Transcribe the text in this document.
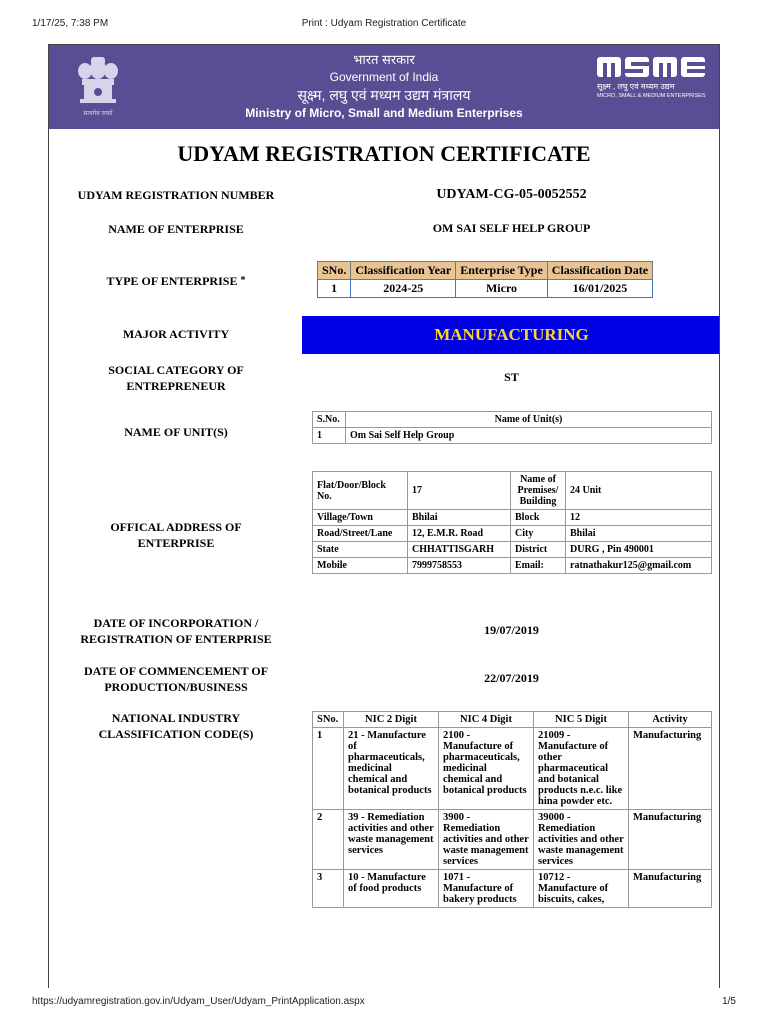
1/17/25, 7:38 PM	Print : Udyam Registration Certificate
सत्यमेव जयते
भारत सरकार
Government of India
सूक्ष्म, लघु एवं मध्यम उद्यम मंत्रालय
Ministry of Micro, Small and Medium Enterprises
सूक्ष्म , लघु एवं मध्यम उद्यम
MICRO, SMALL & MEDIUM ENTERPRISES
UDYAM REGISTRATION CERTIFICATE
UDYAM REGISTRATION NUMBER	UDYAM-CG-05-0052552
NAME OF ENTERPRISE	OM SAI SELF HELP GROUP
TYPE OF ENTERPRISE *
SNo.	Classification Year	Enterprise Type	Classification Date
1	2024-25	Micro	16/01/2025
MAJOR ACTIVITY	MANUFACTURING
SOCIAL CATEGORY OF
ENTREPRENEUR
ST
NAME OF UNIT(S)
S.No.	Name of Unit(s)
1	Om Sai Self Help Group
OFFICAL ADDRESS OF
ENTERPRISE
Flat/Door/Block No.	17	Name of Premises/ Building	24 Unit
Village/Town	Bhilai	Block	12
Road/Street/Lane	12, E.M.R. Road	City	Bhilai
State	CHHATTISGARH	District	DURG , Pin 490001
Mobile	7999758553	Email:	ratnathakur125@gmail.com
DATE OF INCORPORATION /
REGISTRATION OF ENTERPRISE
19/07/2019
DATE OF COMMENCEMENT OF
PRODUCTION/BUSINESS
22/07/2019
NATIONAL INDUSTRY
CLASSIFICATION CODE(S)
SNo.	NIC 2 Digit	NIC 4 Digit	NIC 5 Digit	Activity
1	21 - Manufacture of pharmaceuticals, medicinal chemical and botanical products	2100 - Manufacture of pharmaceuticals, medicinal chemical and botanical products	21009 - Manufacture of other pharmaceutical and botanical products n.e.c. like hina powder etc.	Manufacturing
2	39 - Remediation activities and other waste management services	3900 - Remediation activities and other waste management services	39000 - Remediation activities and other waste management services	Manufacturing
3	10 - Manufacture of food products	1071 - Manufacture of bakery products	10712 - Manufacture of biscuits, cakes,	Manufacturing
https://udyamregistration.gov.in/Udyam_User/Udyam_PrintApplication.aspx	1/5
